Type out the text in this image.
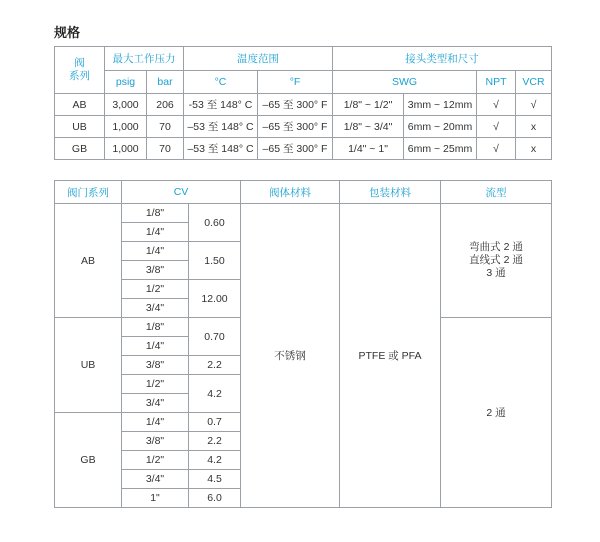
规格
阀
系列	最大工作压力		温度范围		接头类型和尺寸			
	psig	bar	°C	°F	SWG		NPT	VCR
AB	3,000	206	-53 至 148° C	–65 至 300° F	1/8" ~ 1/2"	3mm ~ 12mm	√	√
UB	1,000	70	–53 至 148° C	–65 至 300° F	1/8" ~ 3/4"	6mm ~ 20mm	√	x
GB	1,000	70	–53 至 148° C	–65 至 300° F	1/4" ~ 1"	6mm ~ 25mm	√	x
阀门系列	CV		阀体材料	包装材料	流型
AB	1/8"	0.60	不锈钢	PTFE 或 PFA	弯曲式 2 通
直线式 2 通
3 通
	1/4"				
	1/4"	1.50			
	3/8"				
	1/2"	12.00			
	3/4"				
UB	1/8"	0.70			2 通
	1/4"				
	3/8"	2.2			
	1/2"	4.2			
	3/4"				
GB	1/4"	0.7			
	3/8"	2.2			
	1/2"	4.2			
	3/4"	4.5			
	1"	6.0			
